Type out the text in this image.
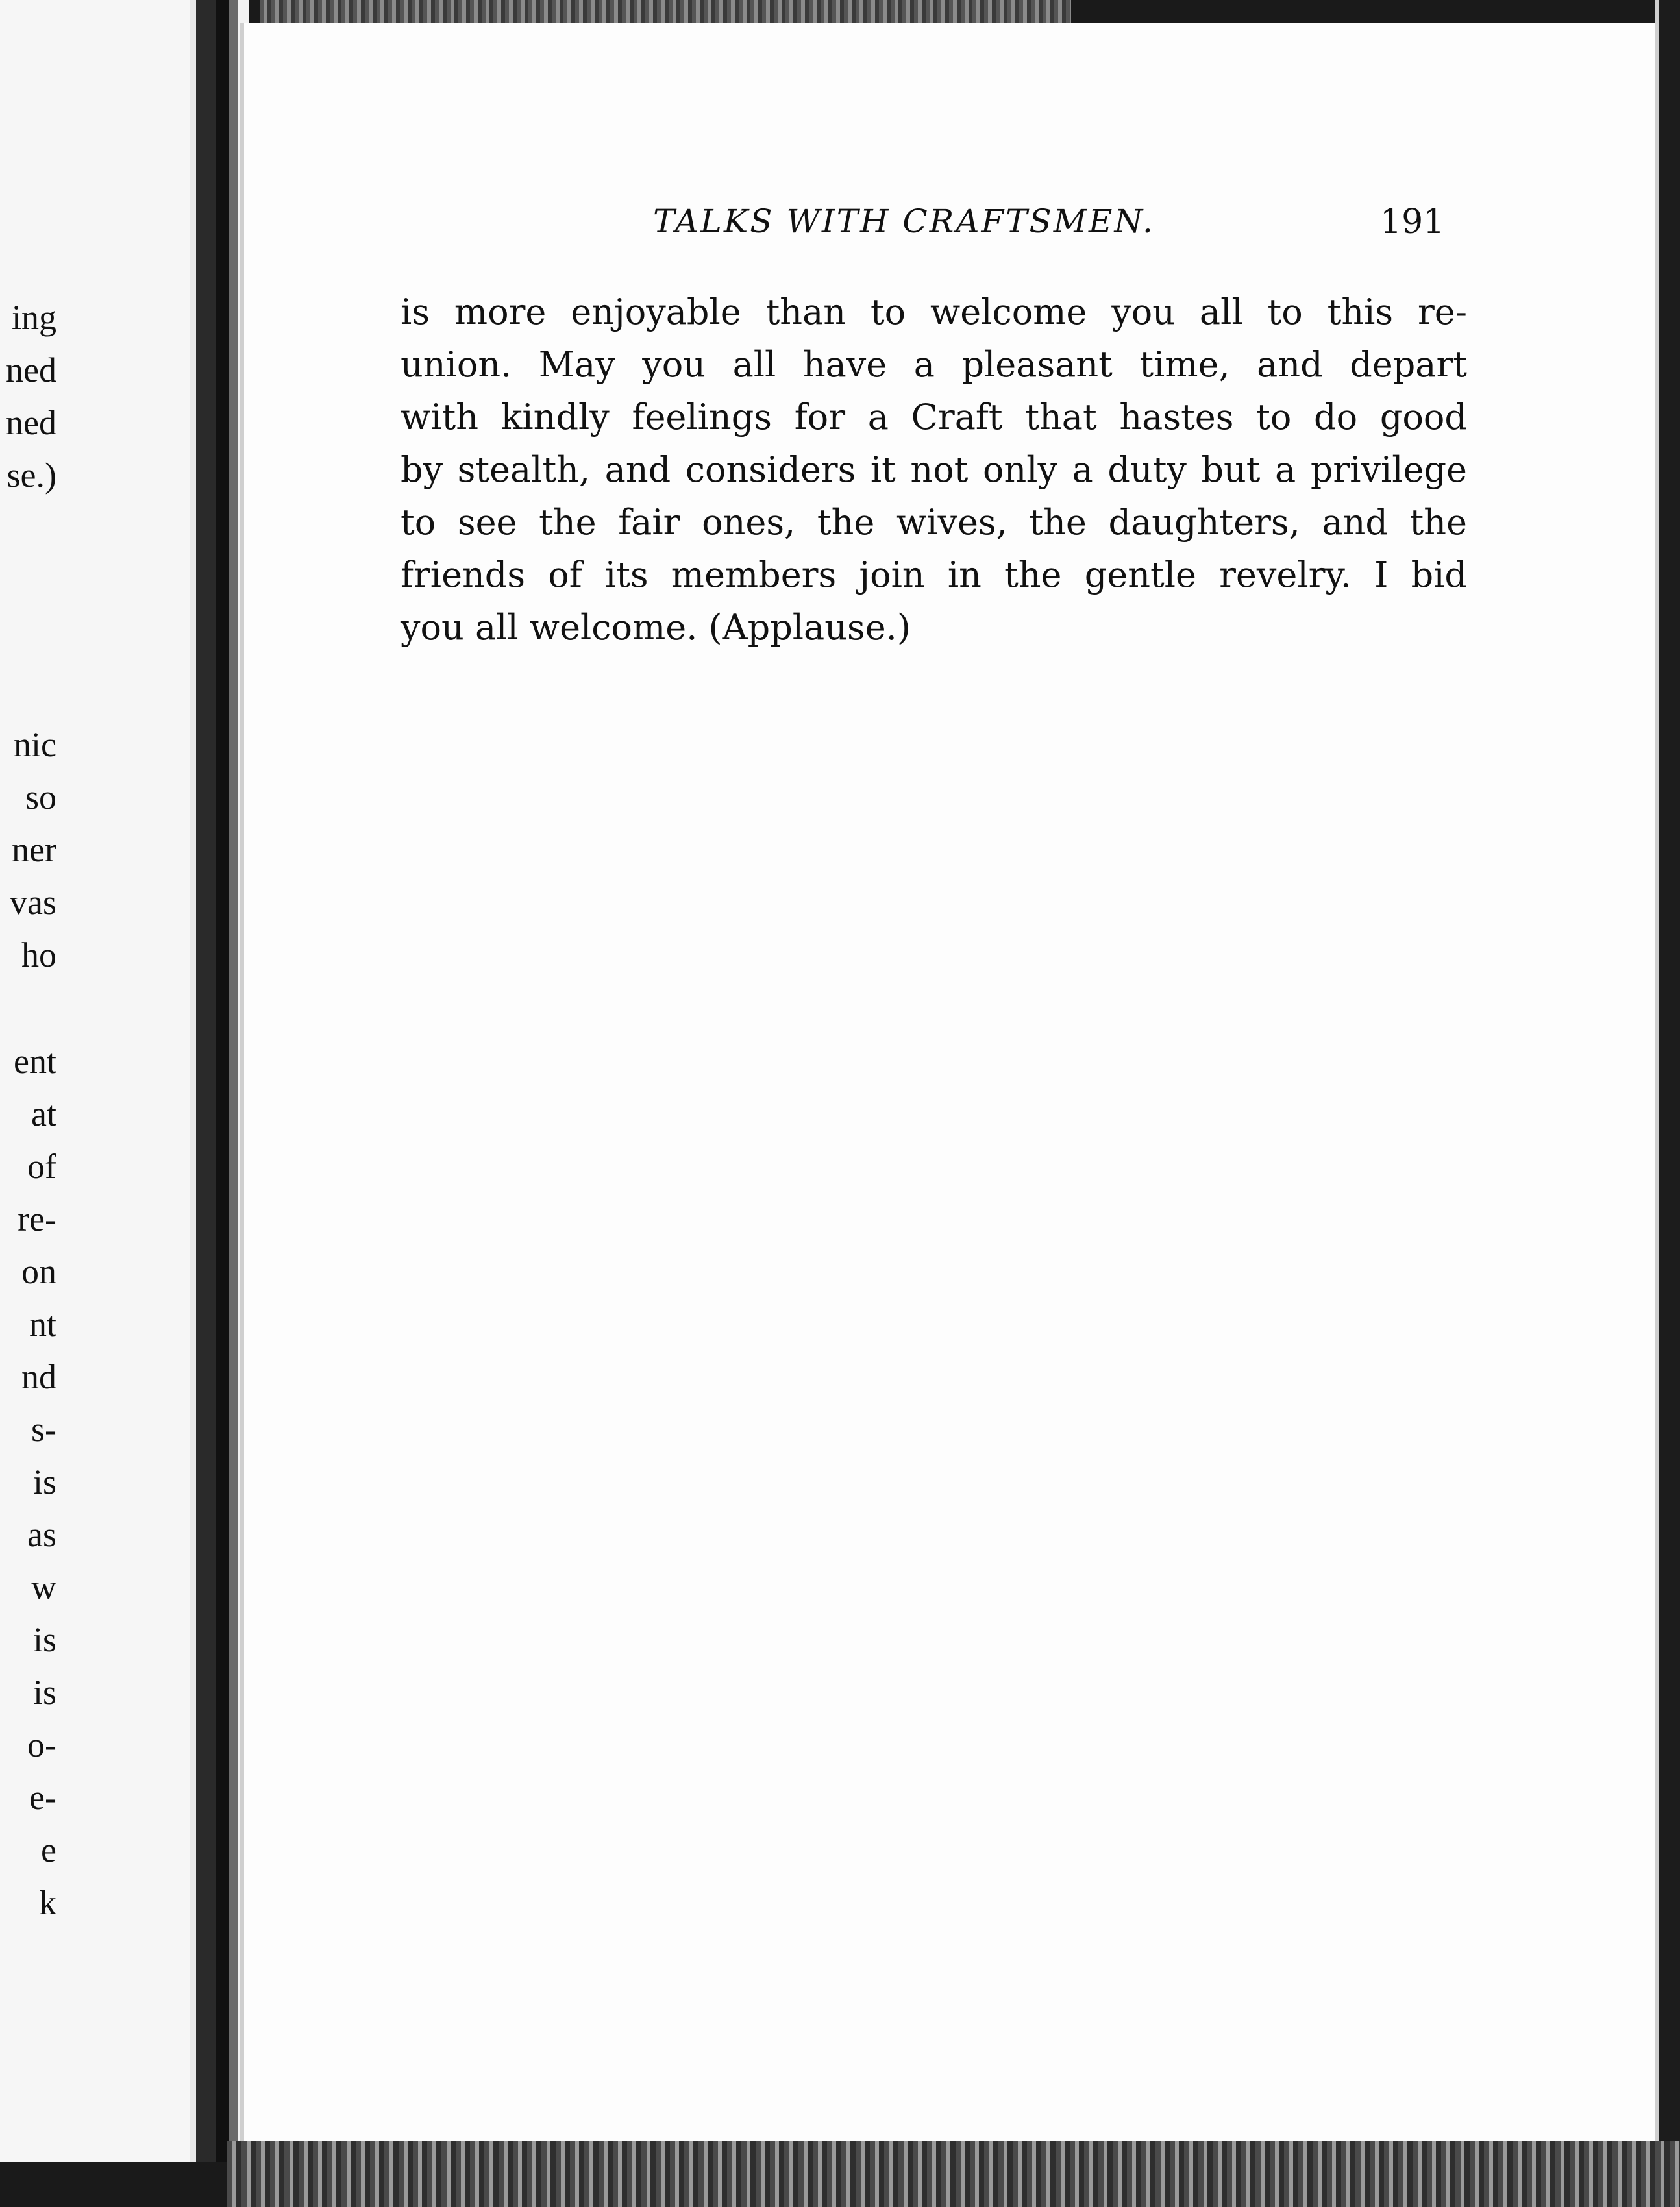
ing
ned
ned
se.)
nic
so
ner
vas
ho
ent
at
of
re-
on
nt
nd
s-
is
as
w
is
is
o-
e-
e
k
TALKS WITH CRAFTSMEN.	191
is more enjoyable than to welcome you all to this re-
union. May you all have a pleasant time, and depart
with kindly feelings for a Craft that hastes to do good
by stealth, and considers it not only a duty but a privilege
to see the fair ones, the wives, the daughters, and the
friends of its members join in the gentle revelry. I bid
you all welcome. (Applause.)
